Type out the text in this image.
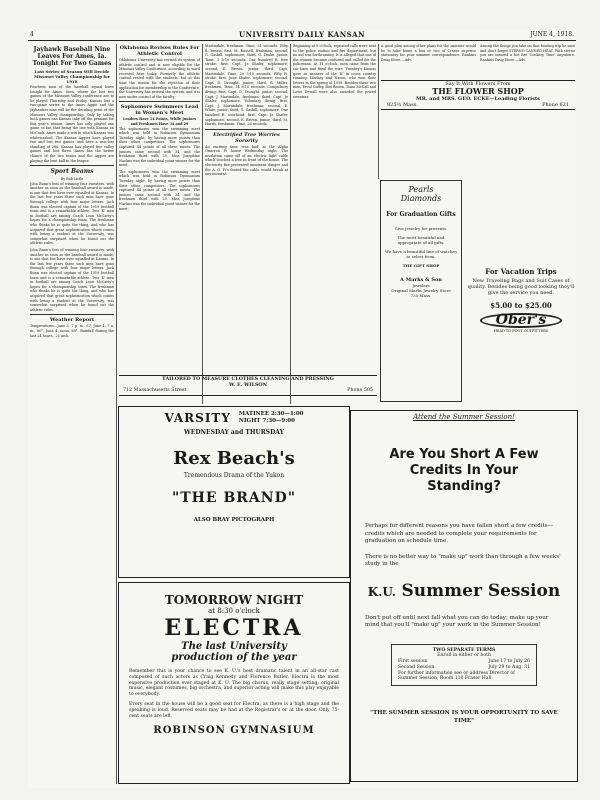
4	UNIVERSITY DAILY KANSAN	JUNE 4, 1918.
Jayhawk Baseball Nine Leaves For Ames, Ia. Tonight For Two Games
Last Series of Season Will Decide Missouri Valley Championship for 1918

Fourteen men of the baseball squad leave tonight for Ames, Iowa, where the last two games of the Missouri Valley conference are to be played Thursday and Friday. Kansas lost a two-game series to the Ames Aggie and the Jayhawker nine will be the deciding point of the Missouri Valley championship. Only by taking both games can Kansas take off the pennant for this year's season. Ames has only played one game so far, that being the one with Kansas on McCook. Ames made a win in which Kansas was whitewashed. The Kansas Aggies have played two and lost two games, and have a won-lost standing of 286. Kansas has played five valley games and lost three. Ames has the better chance of the two teams and the Aggies are playing the best ball in the league.

Sport Beams
By Bob Little

John Bunn's feat of winning four sweaters, with another as soon as the baseball award is made, is one that few have ever equalled at Kansas. In the last few years three such men have gone through college with four major letters. Jack Bunn was elected captain of the 1919 football team and is a remarkable athlete. Two 'K' men in football are among Coach Leon McCarty's hopes for a championship team. The freshman who thinks he is quite the thing, and who has acquired that great sophistication which comes with being a student at the University, was somewhat surprised when he found out the athletic rules.

John Bunn's feat of winning four sweaters, with another as soon as the baseball award is made, is one that few have ever equalled at Kansas. In the last few years three such men have gone through college with four major letters. Jack Bunn was elected captain of the 1919 football team and is a remarkable athlete. Two 'K' men in football are among Coach Leon McCarty's hopes for a championship team. The freshman who thinks he is quite the thing, and who has acquired that great sophistication which comes with being a student at the University, was somewhat surprised when he found out the athletic rules.

Weather Report

Temperatures—June 3, 7 p. m., 67; June 4, 7 a. m., 60°. June 4, noon, 69°. Rainfall during the last 24 hours, .21 inch.

Oklahoma Revises Rules For Athletic Control

Oklahoma University has revised its system of athletic control and is now eligible for the Missouri Valley Conference, according to word received here today. Formerly the athletic control rested with the students, but at this time the reason for the rejection of their application for membership to the Conference, the University has revised the system, and it is now under control of the faculty.

Sophomore Swimmers Lead in Women's Meet
Leaders Have 14 Points, While Juniors and Freshmen Have 34 and 29

The sophomores won the swimming meet which was held in Robinson Gymnasium Tuesday night, by having more points than their other competitors. The sophomores captured 44 points of all three meets. The juniors came second with 34, and the freshmen third with 29. Miss Josephine Nazlins was the individual point winner for the meet.

The sophomores won the swimming meet which was held in Robinson Gymnasium Tuesday night, by having more points than their other competitors. The sophomores captured 44 points of all three meets. The juniors came second with 34, and the freshmen third with 29. Miss Josephine Nazlins was the individual point winner for the meet.

Martindale, freshman. Time, 31 seconds. Fifty ft. breast: first, M. Russell, freshman; second, G. Gaskill, sophomore; third, G. Drake, junior. Time, 1 8-10 seconds. One hundred ft. free stroke: first, Capt. Je Shafer, sophomore; second, E. Brown, junior; third, Capt. Martindale. Time, 20 5-10 seconds. Fifty ft. stroke: first, June Shafer, sophomore; second, Capt. D. Drought, junior; third, R. Miller, freshmen. Time, 14 8-10 seconds. Compulsory diving: first, Capt. D. Drought, junior; second, Capt. J. Martindale, freshman; third, Capt. Je Shafer, sophomore. Voluntary diving: first, Capt. J. Martindale, freshman; second, E. White, junior; third, G. Gaskill, sophomore. One hundred ft. overhead: first, Capt. Je Shafer, sophomore; second, E. Brown, junior; third, M. Harris, freshman. Time, 26 seconds.

Electrified Tree Worries Sorority

An exciting time 'was had' at the Alpha Omicron Pi house Wednesday night. The insulation came off of an electric light cable which touched a tree in front of the house. The electricity fire presented imminent danger and the A. O. Pi's feared the cable would break at any moment.

Beginning at 9 o'clock, repeated calls were sent to the police station and fire department, but no aid was forthcoming. It is alleged that one of the women became confused and called for the policeman. At 11 o'clock, men came from the car barn and fixed the wire. Tuesday's Kansas gave as winners of the 'K' in cross country running, Lindsay and Nason, who won their letters in the spring of 1918. Besides these two men, Erval Coffey, Rex Brown, Dana McCall and Lowe Dewall were also awarded the prized sweaters.

TAILORED TO MEASURE CLOTHES CLEANING AND PRESSING
W. E. WILSON
712 Massachusetts Street	Phone 505

A good plan among other plans for the summer would be to take home a box or two of Crasse superior stationery for your summer correspondence. Rankins Drug Store.—Adv.

Among the things you take on that boating trip be sure and don't forget STERNO CANNED HEAT. With sterno you are insured a hot fire 'Cookery Time' anywhere. Rankins Drug Store.—Adv.

Say It With Flowers From
THE FLOWER SHOP
MR. and MRS. GEO. ECKE—Leading Florists
825½ Mass.	Phone 621
Pearls
Diamonds
For Graduation Gifts
Give Jewelry for presents.
The most beautiful and appropriate of all gifts.
We have a beautiful line of watches to select from.
THE GIFT SHOP
A Marks & Son
Jewelers
Original Marks Jewelry Store
735 Mass.
For Vacation Trips
New Traveling Bags and Suit Cases of quality. Besides being good looking they'll give the service you need.
$5.00 to $25.00
Ober's
HEAD TO FOOT OUTFITTERS
VARSITY MATINEE 2:30—1:00
NIGHT 7:30—9:00
WEDNESDAY and THURSDAY
Rex Beach's
Tremendous Drama of the Yukon
"THE BRAND"
ALSO BRAY PICTOGRAPH
TOMORROW NIGHT
at 8:30 o'clock
ELECTRA
The last University
production of the year
Remember this is your chance to see K. U.'s best dramatic talent in an all-star cast composed of such actors as Craig Kennedy and Florence Butler. Electra is the most expensive production ever staged at K. U. The big chorus, really stage setting, original music, elegant costumes, big orchestra, and superior acting will make this play enjoyable to everybody.
Every seat in the house will be a good seat for Electra, as there is a high stage and the speaking is loud. Reserved seats may be had at the Registrar's or at the door. Only 75-cent seats are left.
ROBINSON GYMNASIUM
Attend the Summer Session!
Are You Short A Few Credits In Your Standing?
Perhaps for different reasons you have fallen short a few credits—credits which are needed to complete your requirements for graduation on schedule time.
There is no better way to "make up" work than through a few weeks' study in the
K.U. Summer Session
Don't put off until next fall what you can do today; make up your mind that you'll "make up" your work in the Summer Session!
TWO SEPARATE TERMS
Enroll in either or both
First session	June 17 to July 26
Second Session	July 29 to Aug. 31
For further information see or address Director of Summer Session, Room 110 Fraser Hall.
"THE SUMMER SESSION IS YOUR OPPORTUNITY TO SAVE TIME"
